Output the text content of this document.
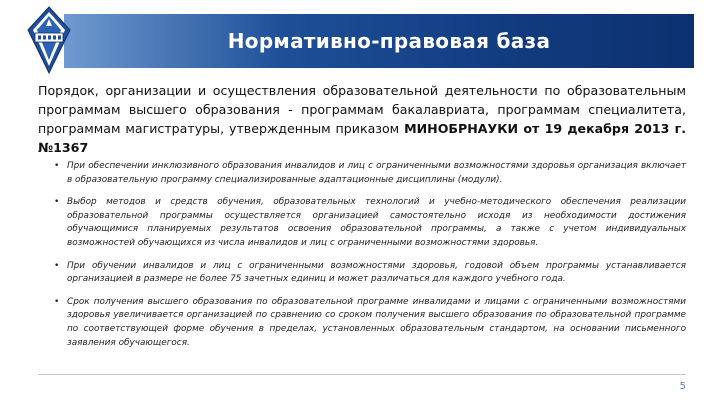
Нормативно-правовая база

Порядок, организации и осуществления образовательной деятельности по образовательным программам высшего образования - программам бакалавриата, программам специалитета, программам магистратуры, утвержденным приказом МИНОБРНАУКИ от 19 декабря 2013 г. №1367

• При обеспечении инклюзивного образования инвалидов и лиц с ограниченными возможностями здоровья организация включает в образовательную программу специализированные адаптационные дисциплины (модули).
• Выбор методов и средств обучения, образовательных технологий и учебно-методического обеспечения реализации образовательной программы осуществляется организацией самостоятельно исходя из необходимости достижения обучающимися планируемых результатов освоения образовательной программы, а также с учетом индивидуальных возможностей обучающихся из числа инвалидов и лиц с ограниченными возможностями здоровья.
• При обучении инвалидов и лиц с ограниченными возможностями здоровья, годовой объем программы устанавливается организацией в размере не более 75 зачетных единиц и может различаться для каждого учебного года.
• Срок получения высшего образования по образовательной программе инвалидами и лицами с ограниченными возможностями здоровья увеличивается организацией по сравнению со сроком получения высшего образования по образовательной программе по соответствующей форме обучения в пределах, установленных образовательным стандартом, на основании письменного заявления обучающегося.
5
